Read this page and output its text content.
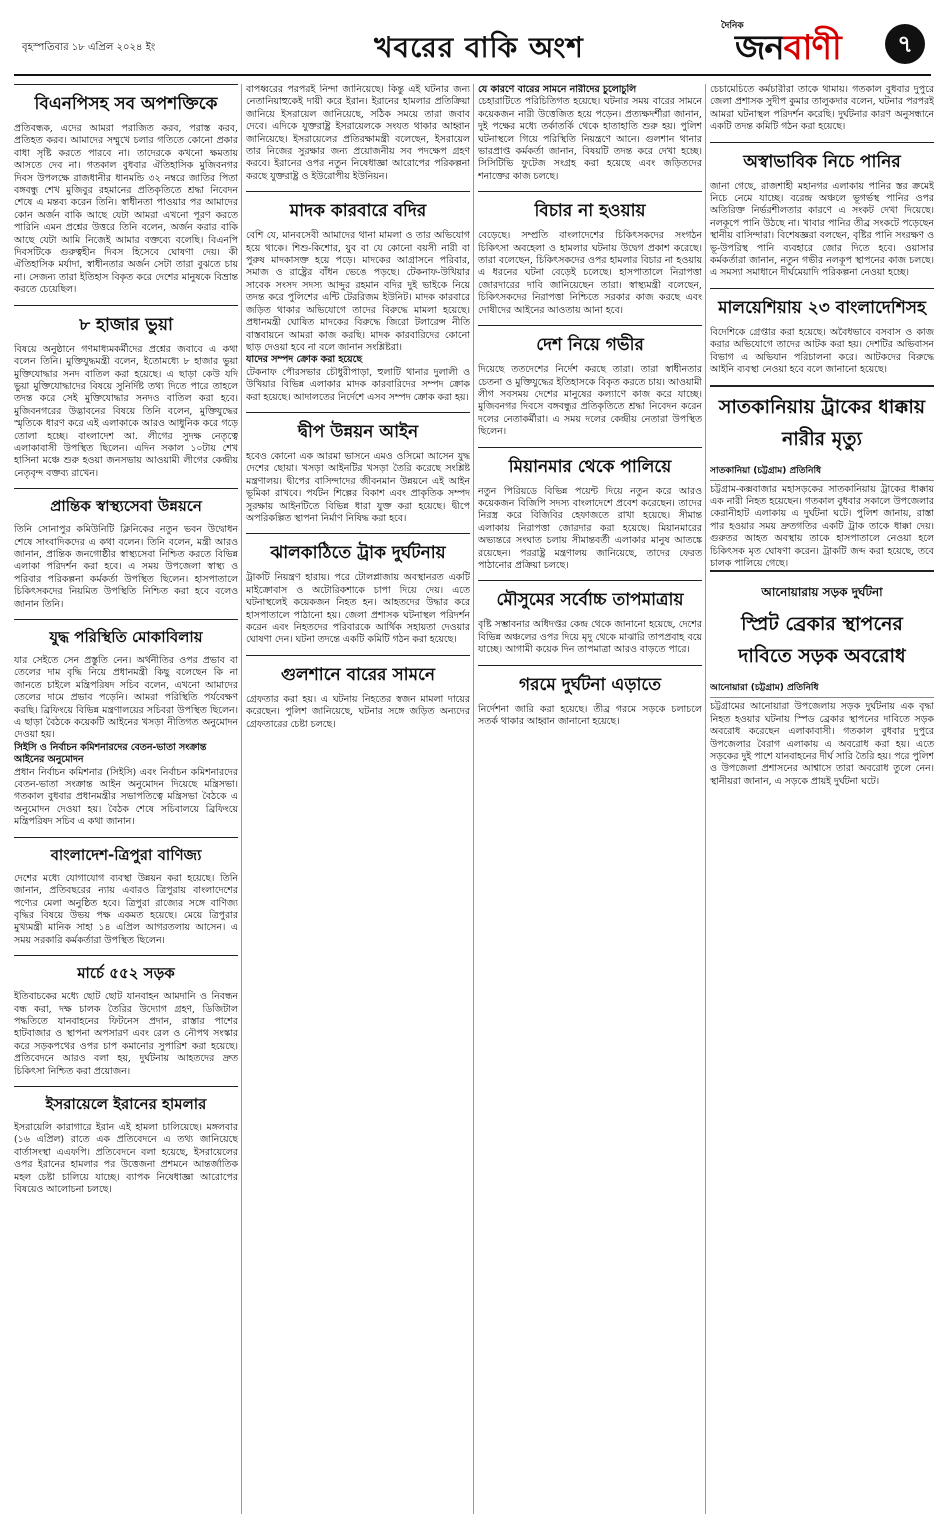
বৃহস্পতিবার ১৮ এপ্রিল ২০২৪ ইং	খবরের বাকি অংশ
দৈনিক
জনবাণী	৭
বিএনপিসহ সব অপশক্তিকে
প্রতিবন্ধক, এদের আমরা পরাজিত করব, পরাস্ত করব, প্রতিহত করব। আমাদের সম্মুখে চলার গতিতে কোনো প্রকার বাধা সৃষ্টি করতে পারবে না। তাদেরকে কখনো ক্ষমতায় আসতে দেব না। গতকাল বুধবার ঐতিহাসিক মুজিবনগর দিবস উপলক্ষে রাজধানীর ধানমন্ডি ৩২ নম্বরে জাতির পিতা বঙ্গবন্ধু শেখ মুজিবুর রহমানের প্রতিকৃতিতে শ্রদ্ধা নিবেদন শেষে এ মন্তব্য করেন তিনি। স্বাধীনতা পাওয়ার পর আমাদের কোন অর্জন বাকি আছে যেটা আমরা এখনো পূরণ করতে পারিনি এমন প্রশ্নের উত্তরে তিনি বলেন, অর্জন করার বাকি আছে যেটা আমি নিজেই আমার বক্তব্যে বলেছি। বিএনপি দিবসটিকে গুরুত্বহীন দিবস হিসেবে ঘোষণা দেয়। কী ঐতিহাসিক মর্যাদা, স্বাধীনতার অর্জন সেটা তারা বুঝতে চায় না। সেজন্য তারা ইতিহাস বিকৃত করে দেশের মানুষকে বিভ্রান্ত করতে চেয়েছিল।
৮ হাজার ভুয়া
বিষয়ে অনুষ্ঠানে গণমাধ্যমকর্মীদের প্রশ্নের জবাবে এ কথা বলেন তিনি। মুক্তিযুদ্ধমন্ত্রী বলেন, ইতোমধ্যে ৮ হাজার ভুয়া মুক্তিযোদ্ধার সনদ বাতিল করা হয়েছে। এ ছাড়া কেউ যদি ভুয়া মুক্তিযোদ্ধাদের বিষয়ে সুনির্দিষ্ট তথ্য দিতে পারে তাহলে তদন্ত করে সেই মুক্তিযোদ্ধার সনদও বাতিল করা হবে। মুজিবনগরের উদ্ভাবনের বিষয়ে তিনি বলেন, মুক্তিযুদ্ধের স্মৃতিকে ধারণ করে এই এলাকাকে আরও আধুনিক করে গড়ে তোলা হচ্ছে। বাংলাদেশ আ. লীগের সুদক্ষ নেতৃত্বে এলাকাবাসী উপস্থিত ছিলেন। এদিন সকাল ১০টায় শেখ হাসিনা মঞ্চে শুরু হওয়া জনসভায় আওয়ামী লীগের কেন্দ্রীয় নেতৃবৃন্দ বক্তব্য রাখেন।
প্রান্তিক স্বাস্থ্যসেবা উন্নয়নে
তিনি সোনাপুর কমিউনিটি ক্লিনিকের নতুন ভবন উদ্বোধন শেষে সাংবাদিকদের এ কথা বলেন। তিনি বলেন, মন্ত্রী আরও জানান, প্রান্তিক জনগোষ্ঠীর স্বাস্থ্যসেবা নিশ্চিত করতে বিভিন্ন এলাকা পরিদর্শন করা হবে। এ সময় উপজেলা স্বাস্থ্য ও পরিবার পরিকল্পনা কর্মকর্তা উপস্থিত ছিলেন। হাসপাতালে চিকিৎসকদের নিয়মিত উপস্থিতি নিশ্চিত করা হবে বলেও জানান তিনি।
যুদ্ধ পরিস্থিতি মোকাবিলায়
যার সেইতে সেন প্রস্তুতি নেন। অর্থনীতির ওপর প্রভাব বা তেলের দাম বৃদ্ধি নিয়ে প্রধানমন্ত্রী কিছু বলেছেন কি না জানতে চাইলে মন্ত্রিপরিষদ সচিব বলেন, এখনো আমাদের তেলের দামে প্রভাব পড়েনি। আমরা পরিস্থিতি পর্যবেক্ষণ করছি। ব্রিফিংয়ে বিভিন্ন মন্ত্রণালয়ের সচিবরা উপস্থিত ছিলেন। এ ছাড়া বৈঠকে কয়েকটি আইনের খসড়া নীতিগত অনুমোদন দেওয়া হয়।
সিইসি ও নির্বাচন কমিশনারদের বেতন-ভাতা সংক্রান্ত আইনের অনুমোদন
প্রধান নির্বাচন কমিশনার (সিইসি) এবং নির্বাচন কমিশনারদের বেতন-ভাতা সংক্রান্ত আইন অনুমোদন দিয়েছে মন্ত্রিসভা। গতকাল বুধবার প্রধানমন্ত্রীর সভাপতিত্বে মন্ত্রিসভা বৈঠকে এ অনুমোদন দেওয়া হয়। বৈঠক শেষে সচিবালয়ে ব্রিফিংয়ে মন্ত্রিপরিষদ সচিব এ কথা জানান।
বাংলাদেশ-ত্রিপুরা বাণিজ্য
দেশের মধ্যে যোগাযোগ ব্যবস্থা উন্নয়ন করা হয়েছে। তিনি জানান, প্রতিবছরের ন্যায় এবারও ত্রিপুরায় বাংলাদেশের পণ্যের মেলা অনুষ্ঠিত হবে। ত্রিপুরা রাজ্যের সঙ্গে বাণিজ্য বৃদ্ধির বিষয়ে উভয় পক্ষ একমত হয়েছে। মেয়ে ত্রিপুরার মুখ্যমন্ত্রী মানিক সাহা ১৪ এপ্রিল আগরতলায় আসেন। এ সময় সরকারি কর্মকর্তারা উপস্থিত ছিলেন।
মার্চে ৫৫২ সড়ক
ইতিবাচকের মধ্যে ছোট ছোট যানবাহন আমদানি ও নিবন্ধন বন্ধ করা, দক্ষ চালক তৈরির উদ্যোগ গ্রহণ, ডিজিটাল পদ্ধতিতে যানবাহনের ফিটনেস প্রদান, রাস্তার পাশের হাটবাজার ও স্থাপনা অপসারণ এবং রেল ও নৌপথ সংস্কার করে সড়কপথের ওপর চাপ কমানোর সুপারিশ করা হয়েছে। প্রতিবেদনে আরও বলা হয়, দুর্ঘটনায় আহতদের দ্রুত চিকিৎসা নিশ্চিত করা প্রয়োজন।
ইসরায়েলে ইরানের হামলার
ইসরায়েলি কারাগারে ইরান এই হামলা চালিয়েছে। মঙ্গলবার (১৬ এপ্রিল) রাতে এক প্রতিবেদনে এ তথ্য জানিয়েছে বার্তাসংস্থা এএফপি। প্রতিবেদনে বলা হয়েছে, ইসরায়েলের ওপর ইরানের হামলার পর উত্তেজনা প্রশমনে আন্তর্জাতিক মহল চেষ্টা চালিয়ে যাচ্ছে। ব্যাপক নিষেধাজ্ঞা আরোপের বিষয়েও আলোচনা চলছে।
বাপধ্বরের পরপরই নিন্দা জানিয়েছে। কিন্তু এই ঘটনার জন্য নেতানিয়াহুকেই দায়ী করে ইরান। ইরানের হামলার প্রতিক্রিয়া জানিয়ে ইসরায়েল জানিয়েছে, সঠিক সময়ে তারা জবাব দেবে। এদিকে যুক্তরাষ্ট্র ইসরায়েলকে সংযত থাকার আহ্বান জানিয়েছে। ইসরায়েলের প্রতিরক্ষামন্ত্রী বলেছেন, ইসরায়েল তার নিজের সুরক্ষার জন্য প্রয়োজনীয় সব পদক্ষেপ গ্রহণ করবে। ইরানের ওপর নতুন নিষেধাজ্ঞা আরোপের পরিকল্পনা করছে যুক্তরাষ্ট্র ও ইউরোপীয় ইউনিয়ন।
মাদক কারবারে বদির
বেশি যে, মানবসেবী আমাদের থানা মামলা ও তার অভিযোগ হয়ে থাকে। শিশু-কিশোর, যুব বা যে কোনো বয়সী নারী বা পুরুষ মাদকাসক্ত হয়ে পড়ে। মাদকের আগ্রাসনে পরিবার, সমাজ ও রাষ্ট্রের বাঁধন ভেঙে পড়ছে। টেকনাফ-উখিয়ার সাবেক সংসদ সদস্য আব্দুর রহমান বদির দুই ভাইকে নিয়ে তদন্ত করে পুলিশের এন্টি টেররিজম ইউনিট। মাদক কারবারে জড়িত থাকার অভিযোগে তাদের বিরুদ্ধে মামলা হয়েছে। প্রধানমন্ত্রী ঘোষিত মাদকের বিরুদ্ধে জিরো টলারেন্স নীতি বাস্তবায়নে আমরা কাজ করছি। মাদক কারবারিদের কোনো ছাড় দেওয়া হবে না বলে জানান সংশ্লিষ্টরা।
যাদের সম্পদ ক্রোক করা হয়েছে
টেকনাফ পৌরসভার চৌধুরীপাড়া, হুলাটি থানার দুলালী ও উখিয়ার বিভিন্ন এলাকার মাদক কারবারিদের সম্পদ ক্রোক করা হয়েছে। আদালতের নির্দেশে এসব সম্পদ ক্রোক করা হয়।
দ্বীপ উন্নয়ন আইন
হবেও কোনো এক আরমা ভাসনে এমও ওসিমো আসেন যুদ্ধ দেশের ছোয়া। খসড়া আইনটির খসড়া তৈরি করেছে সংশ্লিষ্ট মন্ত্রণালয়। দ্বীপের বাসিন্দাদের জীবনমান উন্নয়নে এই আইন ভূমিকা রাখবে। পর্যটন শিল্পের বিকাশ এবং প্রাকৃতিক সম্পদ সুরক্ষায় আইনটিতে বিভিন্ন ধারা যুক্ত করা হয়েছে। দ্বীপে অপরিকল্পিত স্থাপনা নির্মাণ নিষিদ্ধ করা হবে।
ঝালকাঠিতে ট্রাক দুর্ঘটনায়
ট্রাকটি নিয়ন্ত্রণ হারায়। পরে টোলপ্লাজায় অবস্থানরত একটি মাইক্রোবাস ও অটোরিকশাকে চাপা দিয়ে দেয়। এতে ঘটনাস্থলেই কয়েকজন নিহত হন। আহতদের উদ্ধার করে হাসপাতালে পাঠানো হয়। জেলা প্রশাসক ঘটনাস্থল পরিদর্শন করেন এবং নিহতদের পরিবারকে আর্থিক সহায়তা দেওয়ার ঘোষণা দেন। ঘটনা তদন্তে একটি কমিটি গঠন করা হয়েছে।
গুলশানে বারের সামনে
গ্রেফতার করা হয়। এ ঘটনায় নিহতের স্বজন মামলা দায়ের করেছেন। পুলিশ জানিয়েছে, ঘটনার সঙ্গে জড়িত অন্যদের গ্রেফতারের চেষ্টা চলছে।
যে কারণে বারের সামনে নারীদের চুলোচুলি
চেহারাটিতে পরিচিতিগত হয়েছে। ঘটনার সময় বারের সামনে কয়েকজন নারী উত্তেজিত হয়ে পড়েন। প্রত্যক্ষদর্শীরা জানান, দুই পক্ষের মধ্যে তর্কাতর্কি থেকে হাতাহাতি শুরু হয়। পুলিশ ঘটনাস্থলে গিয়ে পরিস্থিতি নিয়ন্ত্রণে আনে। গুলশান থানার ভারপ্রাপ্ত কর্মকর্তা জানান, বিষয়টি তদন্ত করে দেখা হচ্ছে। সিসিটিভি ফুটেজ সংগ্রহ করা হয়েছে এবং জড়িতদের শনাক্তের কাজ চলছে।
বিচার না হওয়ায়
বেড়েছে। সম্প্রতি বাংলাদেশের চিকিৎসকদের সংগঠন চিকিৎসা অবহেলা ও হামলার ঘটনায় উদ্বেগ প্রকাশ করেছে। তারা বলেছেন, চিকিৎসকদের ওপর হামলার বিচার না হওয়ায় এ ধরনের ঘটনা বেড়েই চলেছে। হাসপাতালে নিরাপত্তা জোরদারের দাবি জানিয়েছেন তারা। স্বাস্থ্যমন্ত্রী বলেছেন, চিকিৎসকদের নিরাপত্তা নিশ্চিতে সরকার কাজ করছে এবং দোষীদের আইনের আওতায় আনা হবে।
দেশ নিয়ে গভীর
দিয়েছে ততদেশের নির্দেশ করছে তারা। তারা স্বাধীনতার চেতনা ও মুক্তিযুদ্ধের ইতিহাসকে বিকৃত করতে চায়। আওয়ামী লীগ সবসময় দেশের মানুষের কল্যাণে কাজ করে যাচ্ছে। মুজিবনগর দিবসে বঙ্গবন্ধুর প্রতিকৃতিতে শ্রদ্ধা নিবেদন করেন দলের নেতাকর্মীরা। এ সময় দলের কেন্দ্রীয় নেতারা উপস্থিত ছিলেন।
মিয়ানমার থেকে পালিয়ে
নতুন পিরিয়ডে বিভিন্ন পয়েন্ট দিয়ে নতুন করে আরও কয়েকজন বিজিপি সদস্য বাংলাদেশে প্রবেশ করেছেন। তাদের নিরস্ত্র করে বিজিবির হেফাজতে রাখা হয়েছে। সীমান্ত এলাকায় নিরাপত্তা জোরদার করা হয়েছে। মিয়ানমারের অভ্যন্তরে সংঘাত চলায় সীমান্তবর্তী এলাকার মানুষ আতঙ্কে রয়েছেন। পররাষ্ট্র মন্ত্রণালয় জানিয়েছে, তাদের ফেরত পাঠানোর প্রক্রিয়া চলছে।
মৌসুমের সর্বোচ্চ তাপমাত্রায়
বৃষ্টি সম্ভাবনার অধিদপ্তর কেন্দ্র থেকে জানানো হয়েছে, দেশের বিভিন্ন অঞ্চলের ওপর দিয়ে মৃদু থেকে মাঝারি তাপপ্রবাহ বয়ে যাচ্ছে। আগামী কয়েক দিন তাপমাত্রা আরও বাড়তে পারে।
গরমে দুর্ঘটনা এড়াতে
নির্দেশনা জারি করা হয়েছে। তীব্র গরমে সড়কে চলাচলে সতর্ক থাকার আহ্বান জানানো হয়েছে।
চেচামেচিতে কর্মচারীরা তাকে থামায়। গতকাল বুধবার দুপুরে জেলা প্রশাসক সুদীপ কুমার তালুকদার বলেন, ঘটনার পরপরই আমরা ঘটনাস্থল পরিদর্শন করেছি। দুর্ঘটনার কারণ অনুসন্ধানে একটি তদন্ত কমিটি গঠন করা হয়েছে।
অস্বাভাবিক নিচে পানির
জানা গেছে, রাজশাহী মহানগর এলাকায় পানির স্তর ক্রমেই নিচে নেমে যাচ্ছে। বরেন্দ্র অঞ্চলে ভূগর্ভস্থ পানির ওপর অতিরিক্ত নির্ভরশীলতার কারণে এ সংকট দেখা দিয়েছে। নলকূপে পানি উঠছে না। খাবার পানির তীব্র সংকটে পড়েছেন স্থানীয় বাসিন্দারা। বিশেষজ্ঞরা বলছেন, বৃষ্টির পানি সংরক্ষণ ও ভূ-উপরিস্থ পানি ব্যবহারে জোর দিতে হবে। ওয়াসার কর্মকর্তারা জানান, নতুন গভীর নলকূপ স্থাপনের কাজ চলছে। এ সমস্যা সমাধানে দীর্ঘমেয়াদি পরিকল্পনা নেওয়া হচ্ছে।
মালয়েশিয়ায় ২৩ বাংলাদেশিসহ
বিদেশিকে গ্রেপ্তার করা হয়েছে। অবৈধভাবে বসবাস ও কাজ করার অভিযোগে তাদের আটক করা হয়। দেশটির অভিবাসন বিভাগ এ অভিযান পরিচালনা করে। আটকদের বিরুদ্ধে আইনি ব্যবস্থা নেওয়া হবে বলে জানানো হয়েছে।
সাতকানিয়ায় ট্রাকের ধাক্কায় নারীর মৃত্যু
সাতকানিয়া (চট্টগ্রাম) প্রতিনিধি
চট্টগ্রাম-কক্সবাজার মহাসড়কের সাতকানিয়ায় ট্রাকের ধাক্কায় এক নারী নিহত হয়েছেন। গতকাল বুধবার সকালে উপজেলার কেরানীহাট এলাকায় এ দুর্ঘটনা ঘটে। পুলিশ জানায়, রাস্তা পার হওয়ার সময় দ্রুতগতির একটি ট্রাক তাকে ধাক্কা দেয়। গুরুতর আহত অবস্থায় তাকে হাসপাতালে নেওয়া হলে চিকিৎসক মৃত ঘোষণা করেন। ট্রাকটি জব্দ করা হয়েছে, তবে চালক পালিয়ে গেছে।
আনোয়ারায় সড়ক দুর্ঘটনা
স্প্রিট ব্রেকার স্থাপনের দাবিতে সড়ক অবরোধ
আনোয়ারা (চট্টগ্রাম) প্রতিনিধি
চট্টগ্রামের আনোয়ারা উপজেলায় সড়ক দুর্ঘটনায় এক বৃদ্ধা নিহত হওয়ার ঘটনায় স্পিড ব্রেকার স্থাপনের দাবিতে সড়ক অবরোধ করেছেন এলাকাবাসী। গতকাল বুধবার দুপুরে উপজেলার বৈরাগ এলাকায় এ অবরোধ করা হয়। এতে সড়কের দুই পাশে যানবাহনের দীর্ঘ সারি তৈরি হয়। পরে পুলিশ ও উপজেলা প্রশাসনের আশ্বাসে তারা অবরোধ তুলে নেন। স্থানীয়রা জানান, এ সড়কে প্রায়ই দুর্ঘটনা ঘটে।
